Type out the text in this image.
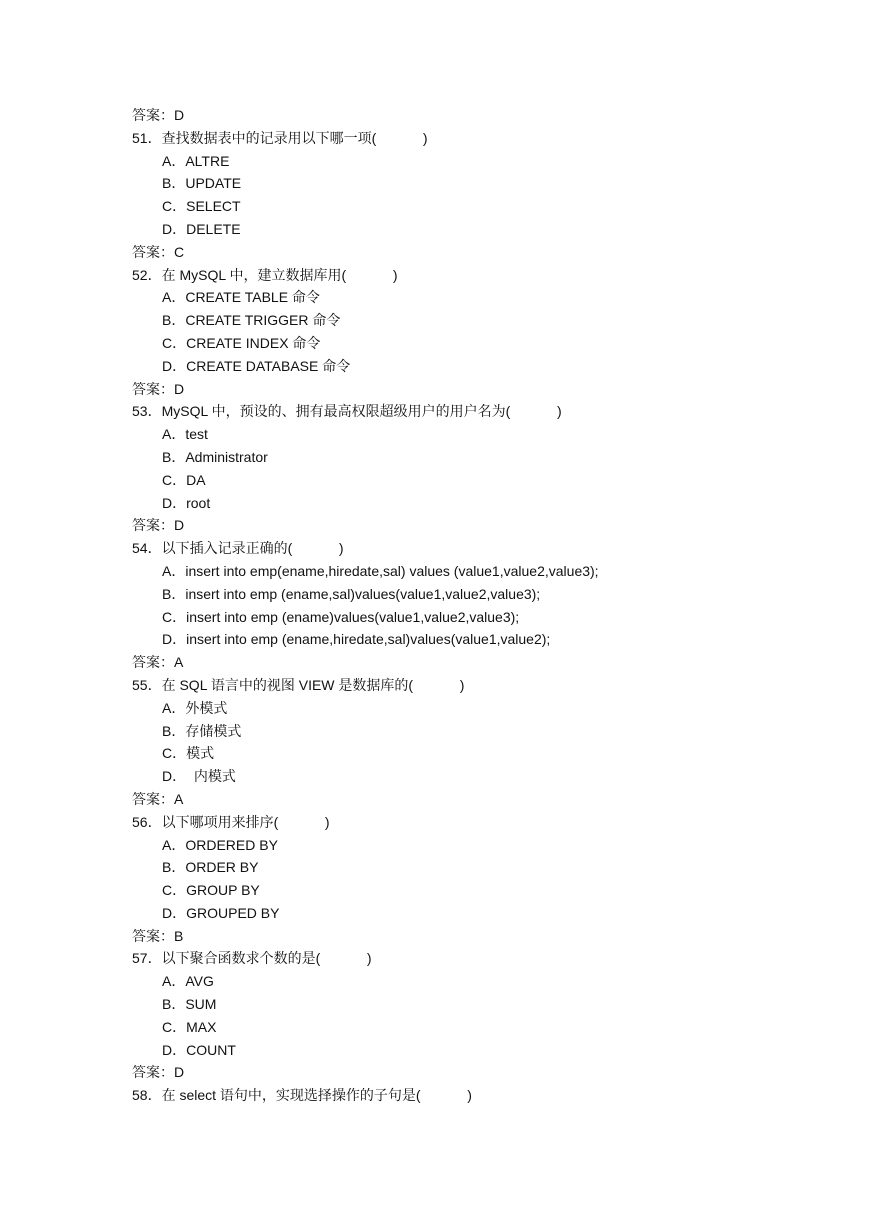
答案：D
51．查找数据表中的记录用以下哪一项(            )
A．ALTRE
B．UPDATE
C．SELECT
D．DELETE
答案：C
52．在 MySQL 中，建立数据库用(            )
A．CREATE TABLE 命令
B．CREATE TRIGGER 命令
C．CREATE INDEX 命令
D．CREATE DATABASE 命令
答案：D
53．MySQL 中，预设的、拥有最高权限超级用户的用户名为(            )
A．test
B．Administrator
C．DA
D．root
答案：D
54．以下插入记录正确的(            )
A．insert into emp(ename,hiredate,sal) values (value1,value2,value3);
B．insert into emp (ename,sal)values(value1,value2,value3);
C．insert into emp (ename)values(value1,value2,value3);
D．insert into emp (ename,hiredate,sal)values(value1,value2);
答案：A
55．在 SQL 语言中的视图 VIEW 是数据库的(            )
A．外模式
B．存储模式
C．模式
D．  内模式
答案：A
56．以下哪项用来排序(            )
A．ORDERED BY
B．ORDER BY
C．GROUP BY
D．GROUPED BY
答案：B
57．以下聚合函数求个数的是(            )
A．AVG
B．SUM
C．MAX
D．COUNT
答案：D
58．在 select 语句中，实现选择操作的子句是(            )
